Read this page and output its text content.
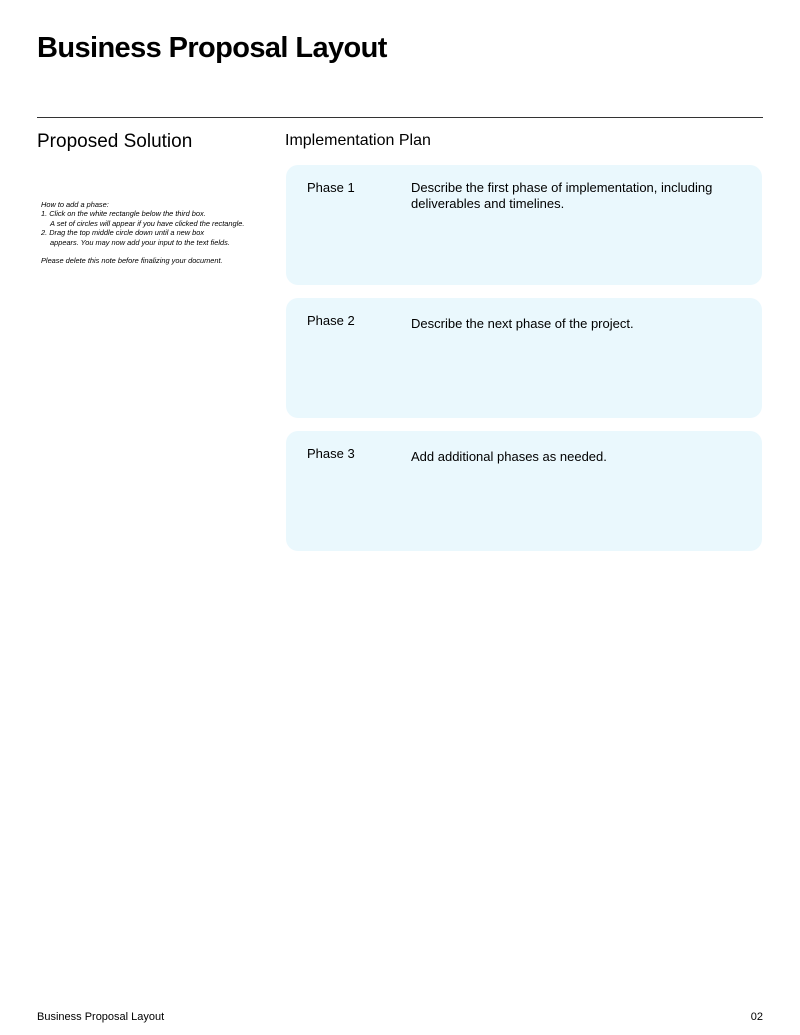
Business Proposal Layout
Proposed Solution	Implementation Plan
How to add a phase:
1. Click on the white rectangle below the third box.
A set of circles will appear if you have clicked the rectangle.
2. Drag the top middle circle down until a new box
appears. You may now add your input to the text fields.
Please delete this note before finalizing your document.
Phase 1	Describe the first phase of implementation, including deliverables and timelines.
Phase 2	Describe the next phase of the project.
Phase 3	Add additional phases as needed.
Business Proposal Layout	02
